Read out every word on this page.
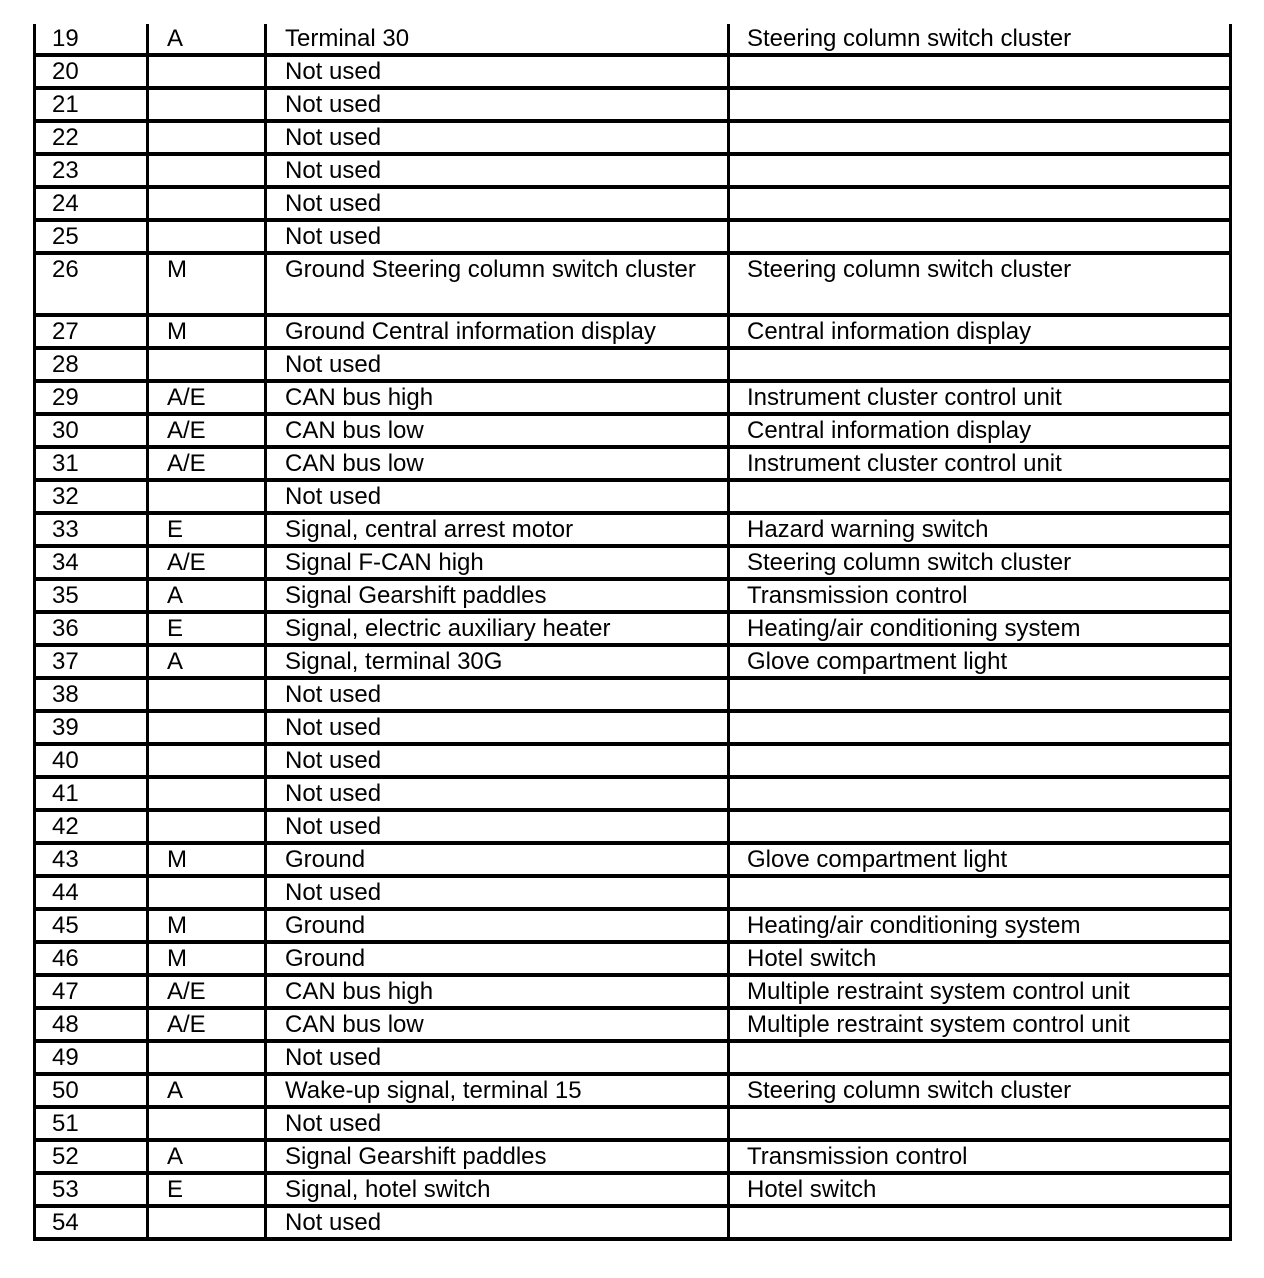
19	A	Terminal 30	Steering column switch cluster
20		Not used	
21		Not used	
22		Not used	
23		Not used	
24		Not used	
25		Not used	
26	M	Ground Steering column switch cluster	Steering column switch cluster
27	M	Ground Central information display	Central information display
28		Not used	
29	A/E	CAN bus high	Instrument cluster control unit
30	A/E	CAN bus low	Central information display
31	A/E	CAN bus low	Instrument cluster control unit
32		Not used	
33	E	Signal, central arrest motor	Hazard warning switch
34	A/E	Signal F-CAN high	Steering column switch cluster
35	A	Signal Gearshift paddles	Transmission control
36	E	Signal, electric auxiliary heater	Heating/air conditioning system
37	A	Signal, terminal 30G	Glove compartment light
38		Not used	
39		Not used	
40		Not used	
41		Not used	
42		Not used	
43	M	Ground	Glove compartment light
44		Not used	
45	M	Ground	Heating/air conditioning system
46	M	Ground	Hotel switch
47	A/E	CAN bus high	Multiple restraint system control unit
48	A/E	CAN bus low	Multiple restraint system control unit
49		Not used	
50	A	Wake-up signal, terminal 15	Steering column switch cluster
51		Not used	
52	A	Signal Gearshift paddles	Transmission control
53	E	Signal, hotel switch	Hotel switch
54		Not used	
